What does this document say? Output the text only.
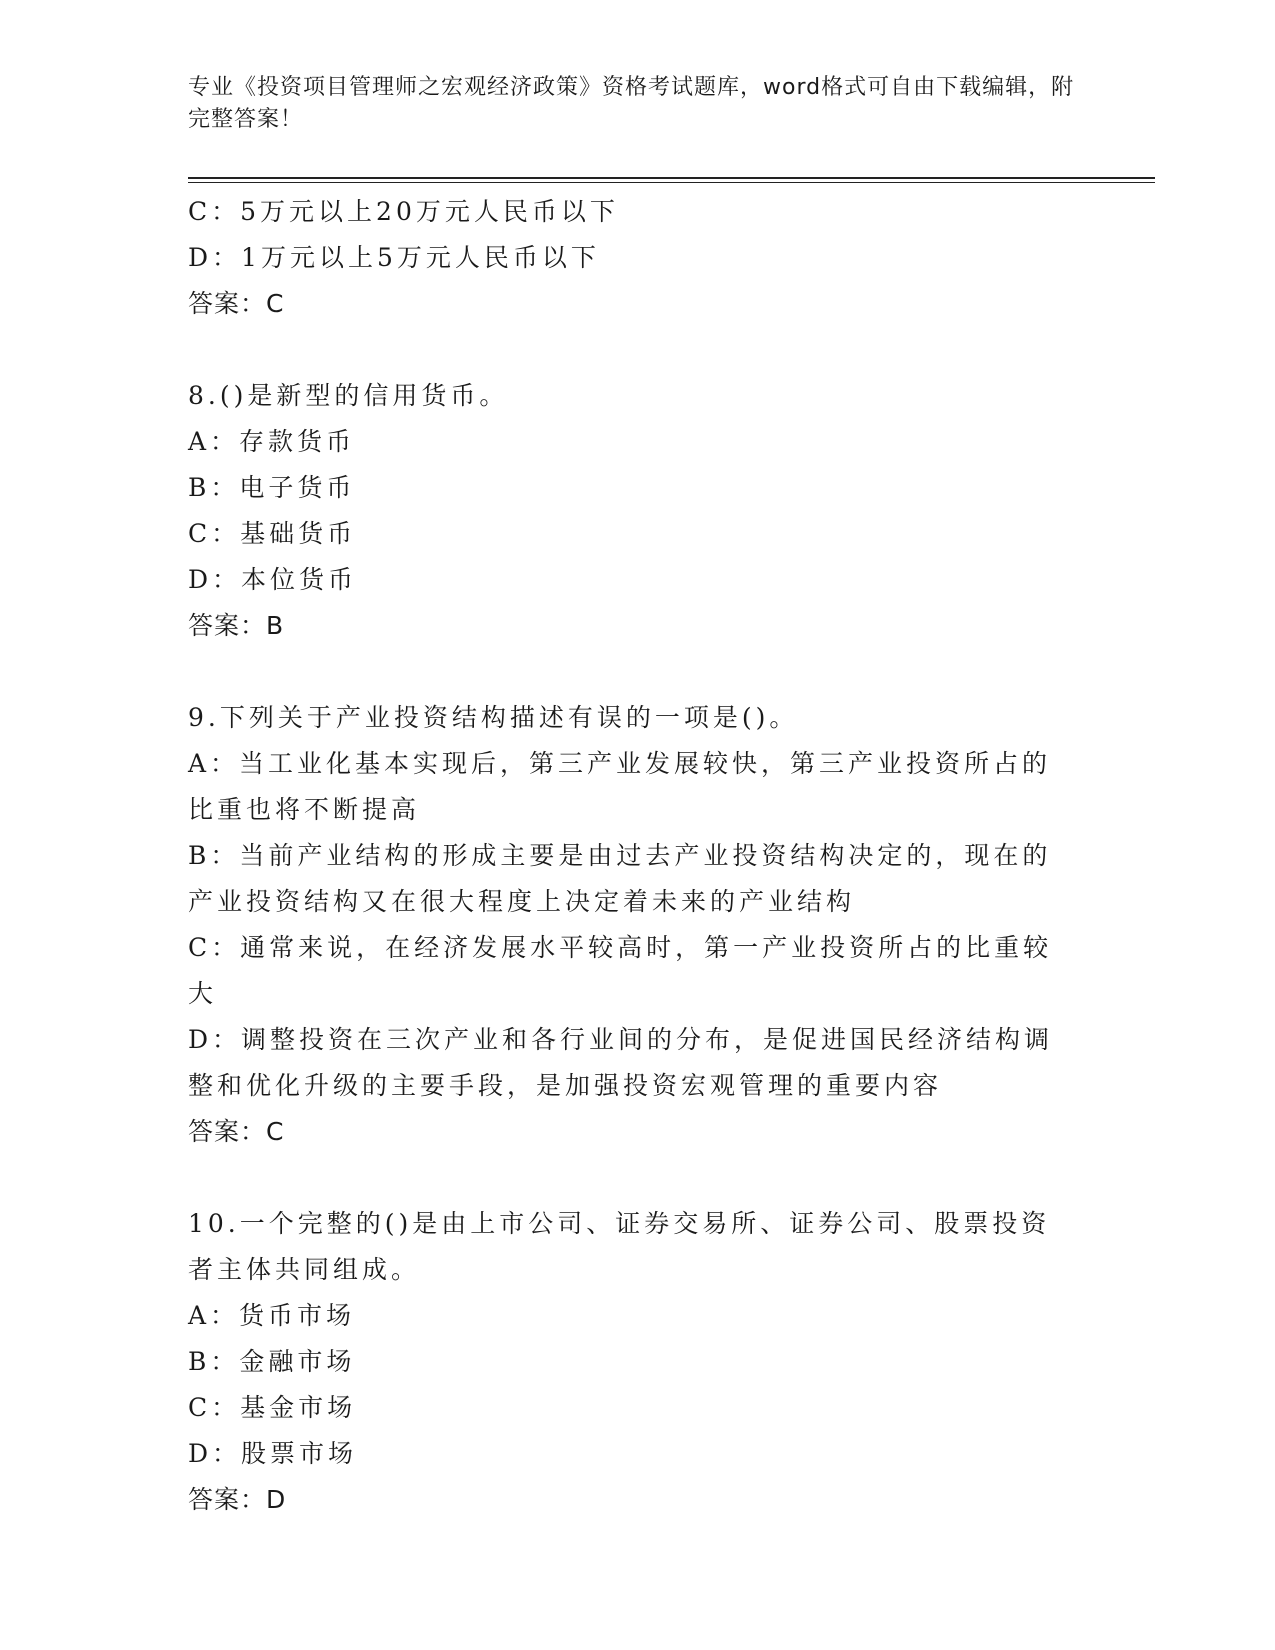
专业《投资项目管理师之宏观经济政策》资格考试题库，word格式可自由下载编辑，附完整答案！
C：5万元以上20万元人民币以下
D：1万元以上5万元人民币以下
答案：C
8.()是新型的信用货币。
A：存款货币
B：电子货币
C：基础货币
D：本位货币
答案：B
9.下列关于产业投资结构描述有误的一项是()。
A：当工业化基本实现后，第三产业发展较快，第三产业投资所占的比重也将不断提高
B：当前产业结构的形成主要是由过去产业投资结构决定的，现在的产业投资结构又在很大程度上决定着未来的产业结构
C：通常来说，在经济发展水平较高时，第一产业投资所占的比重较大
D：调整投资在三次产业和各行业间的分布，是促进国民经济结构调整和优化升级的主要手段，是加强投资宏观管理的重要内容
答案：C
10.一个完整的()是由上市公司、证券交易所、证券公司、股票投资者主体共同组成。
A：货币市场
B：金融市场
C：基金市场
D：股票市场
答案：D
